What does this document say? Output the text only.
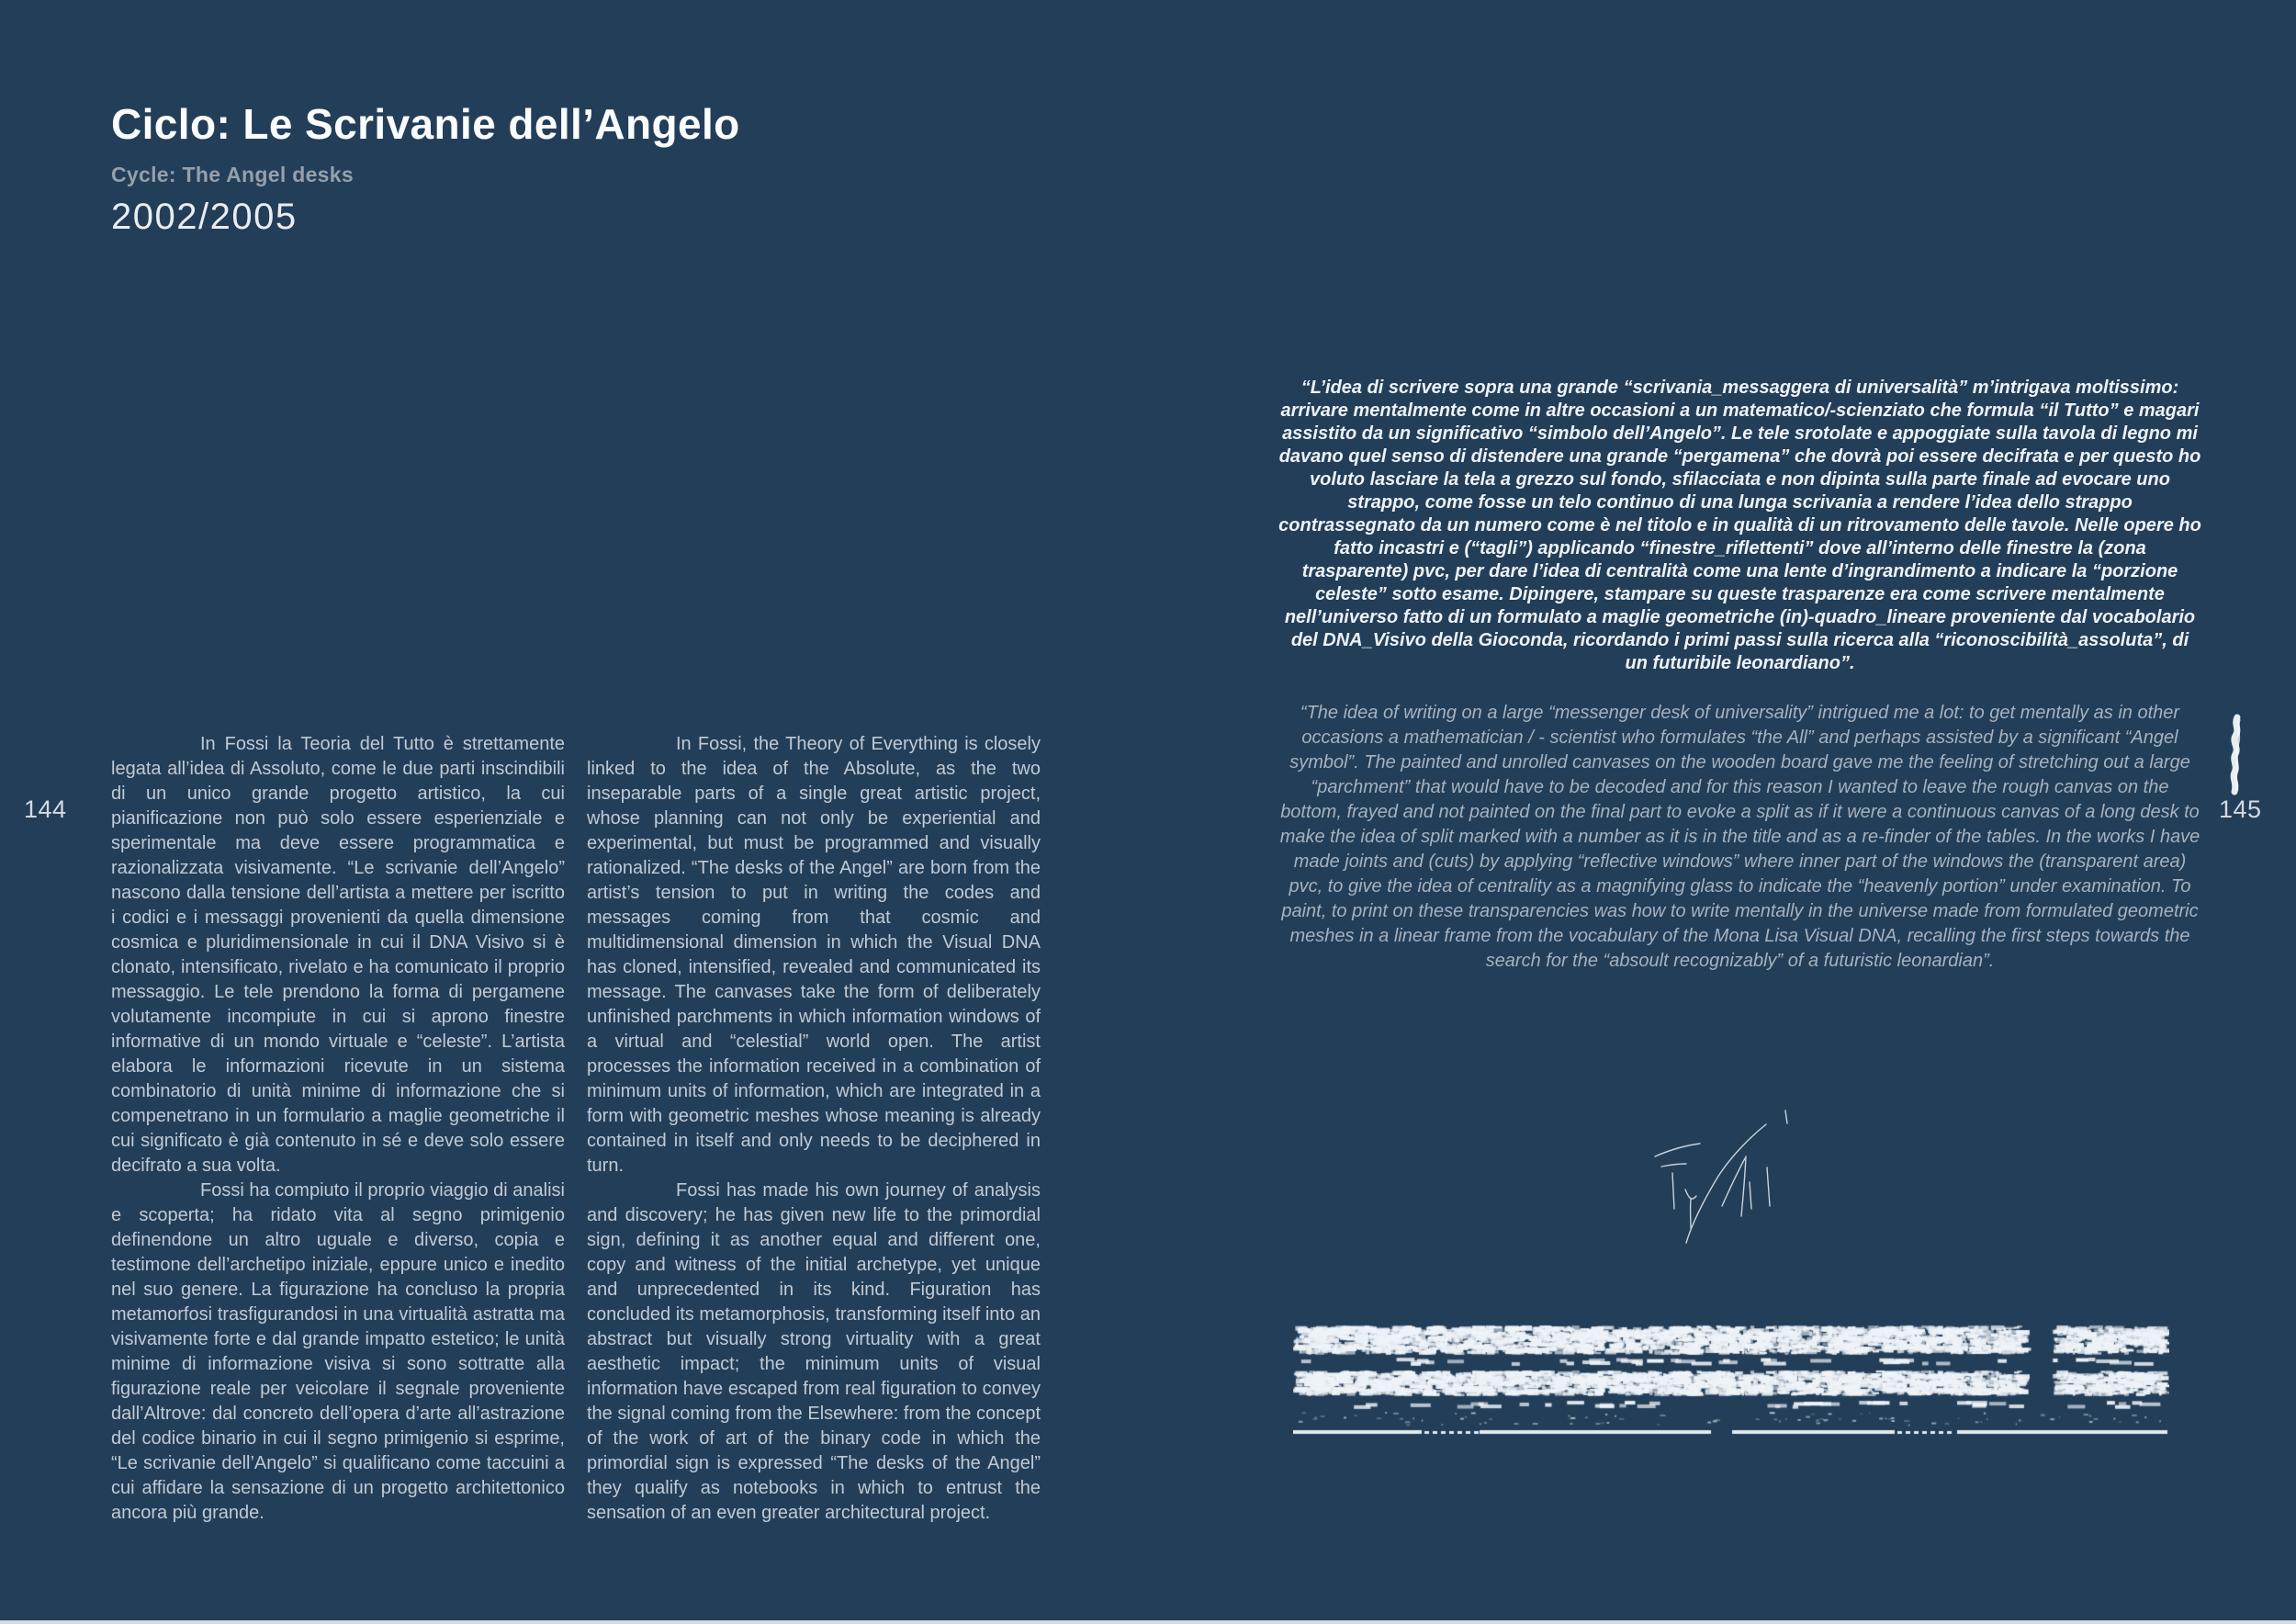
Ciclo: Le Scrivanie dell’Angelo
Cycle: The Angel desks
2002/2005

In Fossi la Teoria del Tutto è strettamente legata all’idea di Assoluto, come le due parti inscindibili di un unico grande progetto artistico, la cui pianificazione non può solo essere esperienziale e sperimentale ma deve essere programmatica e razionalizzata visivamente. “Le scrivanie dell’Angelo” nascono dalla tensione dell’artista a mettere per iscritto i codici e i messaggi provenienti da quella dimensione cosmica e pluridimensionale in cui il DNA Visivo si è clonato, intensificato, rivelato e ha comunicato il proprio messaggio. Le tele prendono la forma di pergamene volutamente incompiute in cui si aprono finestre informative di un mondo virtuale e “celeste”. L’artista elabora le informazioni ricevute in un sistema combinatorio di unità minime di informazione che si compenetrano in un formulario a maglie geometriche il cui significato è già contenuto in sé e deve solo essere decifrato a sua volta.

Fossi ha compiuto il proprio viaggio di analisi e scoperta; ha ridato vita al segno primigenio definendone un altro uguale e diverso, copia e testimone dell’archetipo iniziale, eppure unico e inedito nel suo genere. La figurazione ha concluso la propria metamorfosi trasfigurandosi in una virtualità astratta ma visivamente forte e dal grande impatto estetico; le unità minime di informazione visiva si sono sottratte alla figurazione reale per veicolare il segnale proveniente dall’Altrove: dal concreto dell’opera d’arte all’astrazione del codice binario in cui il segno primigenio si esprime, “Le scrivanie dell’Angelo” si qualificano come taccuini a cui affidare la sensazione di un progetto architettonico ancora più grande.

In Fossi, the Theory of Everything is closely linked to the idea of the Absolute, as the two inseparable parts of a single great artistic project, whose planning can not only be experiential and experimental, but must be programmed and visually rationalized. “The desks of the Angel” are born from the artist’s tension to put in writing the codes and messages coming from that cosmic and multidimensional dimension in which the Visual DNA has cloned, intensified, revealed and communicated its message. The canvases take the form of deliberately unfinished parchments in which information windows of a virtual and “celestial” world open. The artist processes the information received in a combination of minimum units of information, which are integrated in a form with geometric meshes whose meaning is already contained in itself and only needs to be deciphered in turn.

Fossi has made his own journey of analysis and discovery; he has given new life to the primordial sign, defining it as another equal and different one, copy and witness of the initial archetype, yet unique and unprecedented in its kind. Figuration has concluded its metamorphosis, transforming itself into an abstract but visually strong virtuality with a great aesthetic impact; the minimum units of visual information have escaped from real figuration to convey the signal coming from the Elsewhere: from the concept of the work of art of the binary code in which the primordial sign is expressed “The desks of the Angel” they qualify as notebooks in which to entrust the sensation of an even greater architectural project.

“L’idea di scrivere sopra una grande “scrivania_messaggera di universalità” m’intrigava moltissimo: arrivare mentalmente come in altre occasioni a un matematico/-scienziato che formula “il Tutto” e magari assistito da un significativo “simbolo dell’Angelo”. Le tele srotolate e appoggiate sulla tavola di legno mi davano quel senso di distendere una grande “pergamena” che dovrà poi essere decifrata e per questo ho voluto lasciare la tela a grezzo sul fondo, sfilacciata e non dipinta sulla parte finale ad evocare uno strappo, come fosse un telo continuo di una lunga scrivania a rendere l’idea dello strappo contrassegnato da un numero come è nel titolo e in qualità di un ritrovamento delle tavole. Nelle opere ho fatto incastri e (“tagli”) applicando “finestre_riflettenti” dove all’interno delle finestre la (zona trasparente) pvc, per dare l’idea di centralità come una lente d’ingrandimento a indicare la “porzione celeste” sotto esame. Dipingere, stampare su queste trasparenze era come scrivere mentalmente nell’universo fatto di un formulato a maglie geometriche (in)-quadro_lineare proveniente dal vocabolario del DNA_Visivo della Gioconda, ricordando i primi passi sulla ricerca alla “riconoscibilità_assoluta”, di un futuribile leonardiano”.
“The idea of writing on a large “messenger desk of universality” intrigued me a lot: to get mentally as in other occasions a mathematician / - scientist who formulates “the All” and perhaps assisted by a significant “Angel symbol”. The painted and unrolled canvases on the wooden board gave me the feeling of stretching out a large “parchment” that would have to be decoded and for this reason I wanted to leave the rough canvas on the bottom, frayed and not painted on the final part to evoke a split as if it were a continuous canvas of a long desk to make the idea of split marked with a number as it is in the title and as a re-finder of the tables. In the works I have made joints and (cuts) by applying “reflective windows” where inner part of the windows the (transparent area) pvc, to give the idea of centrality as a magnifying glass to indicate the “heavenly portion” under examination. To paint, to print on these transparencies was how to write mentally in the universe made from formulated geometric meshes in a linear frame from the vocabulary of the Mona Lisa Visual DNA, recalling the first steps towards the search for the “absoult recognizably” of a futuristic leonardian”.
144	145
